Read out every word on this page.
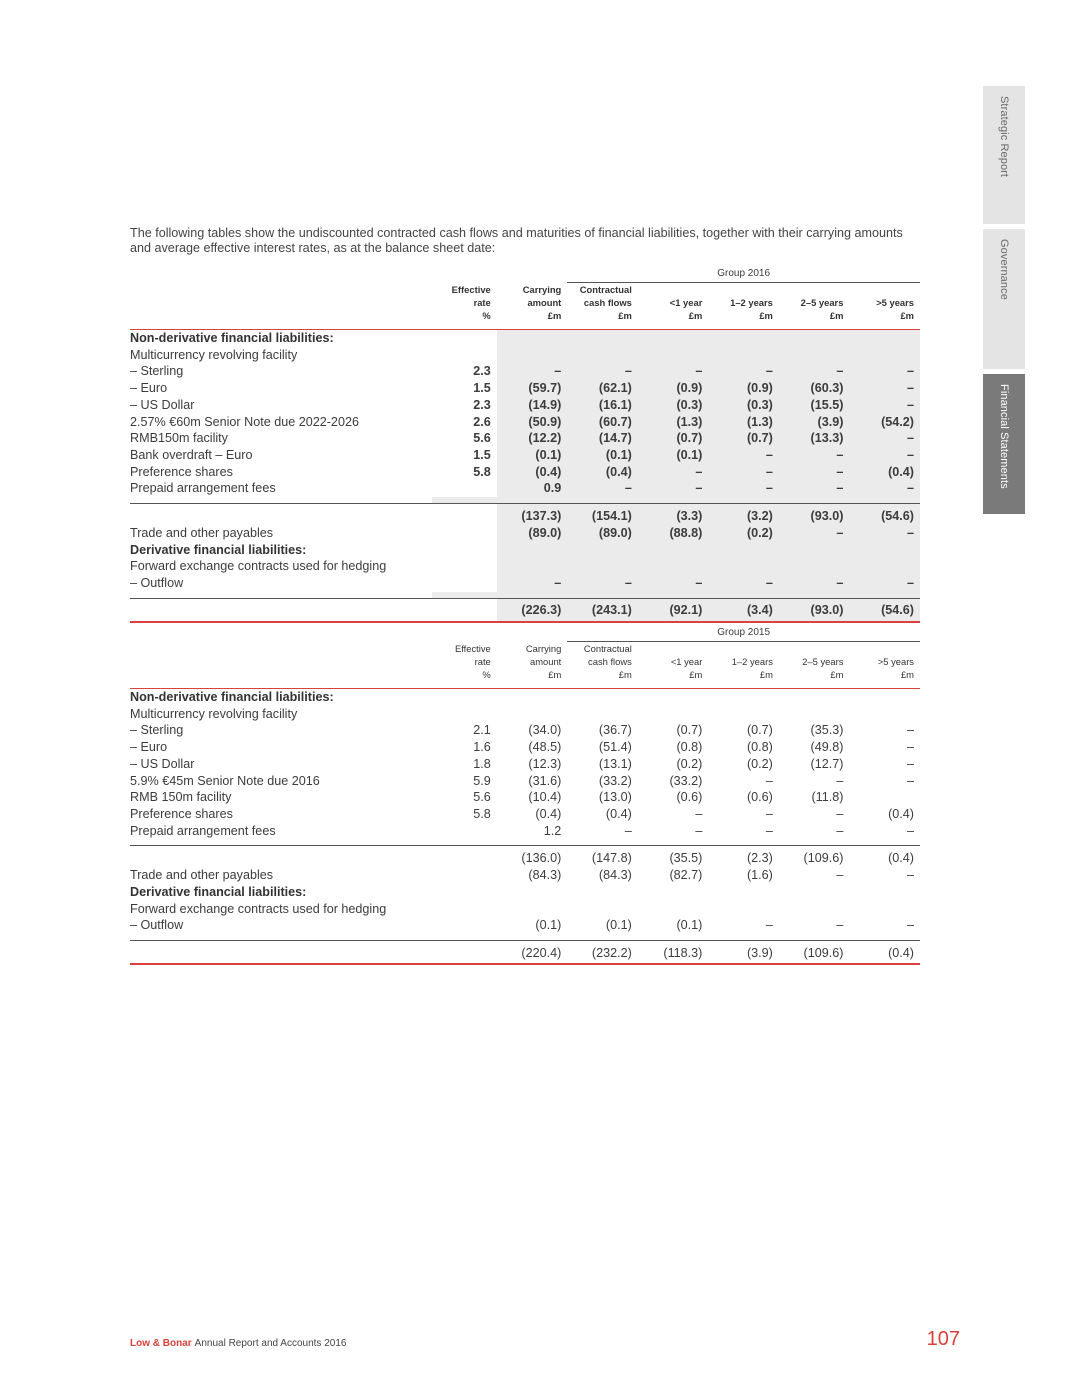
Strategic Report
Governance
Financial Statements

The following tables show the undiscounted contracted cash flows and maturities of financial liabilities, together with their carrying amounts and average effective interest rates, as at the balance sheet date:

			Group 2016				
	Effective	Carrying	Contractual				
	rate	amount	cash flows	<1 year	1–2 years	2–5 years	>5 years
	%	£m	£m	£m	£m	£m	£m

Non-derivative financial liabilities:							
Multicurrency revolving facility							
– Sterling	2.3	–	–	–	–	–	–
– Euro	1.5	(59.7)	(62.1)	(0.9)	(0.9)	(60.3)	–
– US Dollar	2.3	(14.9)	(16.1)	(0.3)	(0.3)	(15.5)	–
2.57% €60m Senior Note due 2022-2026	2.6	(50.9)	(60.7)	(1.3)	(1.3)	(3.9)	(54.2)
RMB150m facility	5.6	(12.2)	(14.7)	(0.7)	(0.7)	(13.3)	–
Bank overdraft – Euro	1.5	(0.1)	(0.1)	(0.1)	–	–	–
Preference shares	5.8	(0.4)	(0.4)	–	–	–	(0.4)
Prepaid arrangement fees		0.9	–	–	–	–	–

		(137.3)	(154.1)	(3.3)	(3.2)	(93.0)	(54.6)
Trade and other payables		(89.0)	(89.0)	(88.8)	(0.2)	–	–
Derivative financial liabilities:							
Forward exchange contracts used for hedging							
– Outflow		–	–	–	–	–	–

		(226.3)	(243.1)	(92.1)	(3.4)	(93.0)	(54.6)
			Group 2015				
	Effective	Carrying	Contractual				
	rate	amount	cash flows	<1 year	1–2 years	2–5 years	>5 years
	%	£m	£m	£m	£m	£m	£m

Non-derivative financial liabilities:							
Multicurrency revolving facility							
– Sterling	2.1	(34.0)	(36.7)	(0.7)	(0.7)	(35.3)	–
– Euro	1.6	(48.5)	(51.4)	(0.8)	(0.8)	(49.8)	–
– US Dollar	1.8	(12.3)	(13.1)	(0.2)	(0.2)	(12.7)	–
5.9% €45m Senior Note due 2016	5.9	(31.6)	(33.2)	(33.2)	–	–	–
RMB 150m facility	5.6	(10.4)	(13.0)	(0.6)	(0.6)	(11.8)	
Preference shares	5.8	(0.4)	(0.4)	–	–	–	(0.4)
Prepaid arrangement fees		1.2	–	–	–	–	–

		(136.0)	(147.8)	(35.5)	(2.3)	(109.6)	(0.4)
Trade and other payables		(84.3)	(84.3)	(82.7)	(1.6)	–	–
Derivative financial liabilities:							
Forward exchange contracts used for hedging							
– Outflow		(0.1)	(0.1)	(0.1)	–	–	–

		(220.4)	(232.2)	(118.3)	(3.9)	(109.6)	(0.4)
Low & Bonar Annual Report and Accounts 2016	107
